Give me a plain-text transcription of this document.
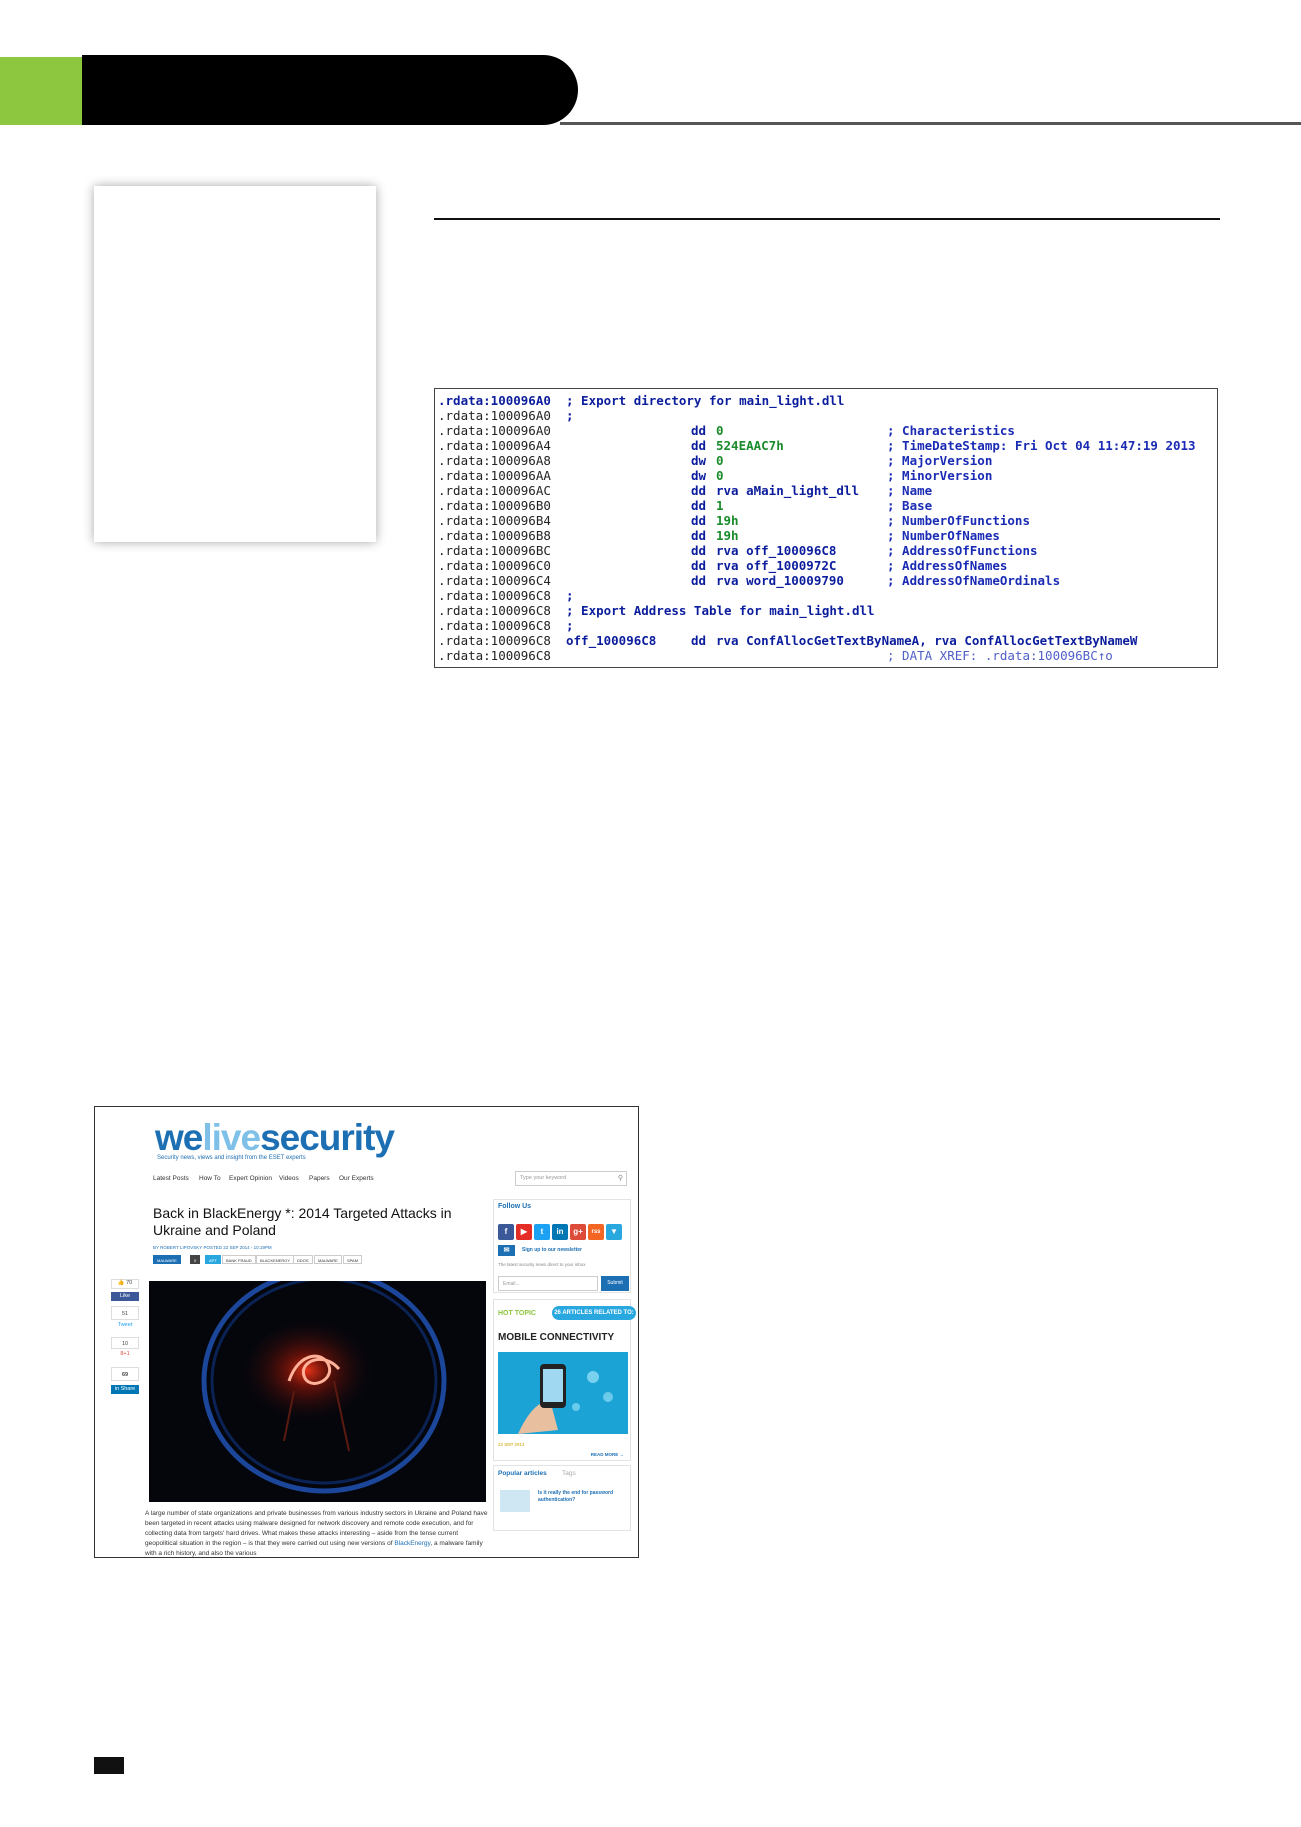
.rdata:100096A0 ; Export directory for main_light.dll
.rdata:100096A0 ;
.rdata:100096A0	dd 0	; Characteristics
.rdata:100096A4	dd 524EAAC7h	; TimeDateStamp: Fri Oct 04 11:47:19 2013
.rdata:100096A8	dw 0	; MajorVersion
.rdata:100096AA	dw 0	; MinorVersion
.rdata:100096AC	dd rva aMain_light_dll ; Name
.rdata:100096B0	dd 1	; Base
.rdata:100096B4	dd 19h	; NumberOfFunctions
.rdata:100096B8	dd 19h	; NumberOfNames
.rdata:100096BC	dd rva off_100096C8	; AddressOfFunctions
.rdata:100096C0	dd rva off_1000972C	; AddressOfNames
.rdata:100096C4	dd rva word_10009790	; AddressOfNameOrdinals
.rdata:100096C8 ;
.rdata:100096C8 ; Export Address Table for main_light.dll
.rdata:100096C8 ;
.rdata:100096C8 off_100096C8	dd rva ConfAllocGetTextByNameA, rva ConfAllocGetTextByNameW
.rdata:100096C8	; DATA XREF: .rdata:100096BC↑o
welivesecurity
Security news, views and insight from the ESET experts
Latest Posts How To Expert Opinion Videos Papers Our Experts	Type your keyword	⚲
Back in BlackEnergy *: 2014 Targeted Attacks in Ukraine and Poland
BY ROBERT LIPOVSKY POSTED 22 SEP 2014 - 10:19PM
MALWARE	0	APT	BANK FRAUD	BLACKENERGY	DDOS	MALWARE	SPAM
👍 70
Like
51
Tweet
10
8+1
69
in Share
A large number of state organizations and private businesses from various industry sectors in Ukraine and Poland have been targeted in recent attacks using malware designed for network discovery and remote code execution, and for collecting data from targets' hard drives. What makes these attacks interesting – aside from the tense current geopolitical situation in the region – is that they were carried out using new versions of BlackEnergy, a malware family with a rich history, and also the various
Follow Us
f	▶	t	in	g+	rss	▼
✉	Sign up to our newsletter
The latest security news direct to your inbox
Email...	Submit
HOT TOPIC	26 ARTICLES RELATED TO:
MOBILE CONNECTIVITY
22 SEP 2014
READ MORE →
Popular articles Tags
Is it really the end for password authentication?
